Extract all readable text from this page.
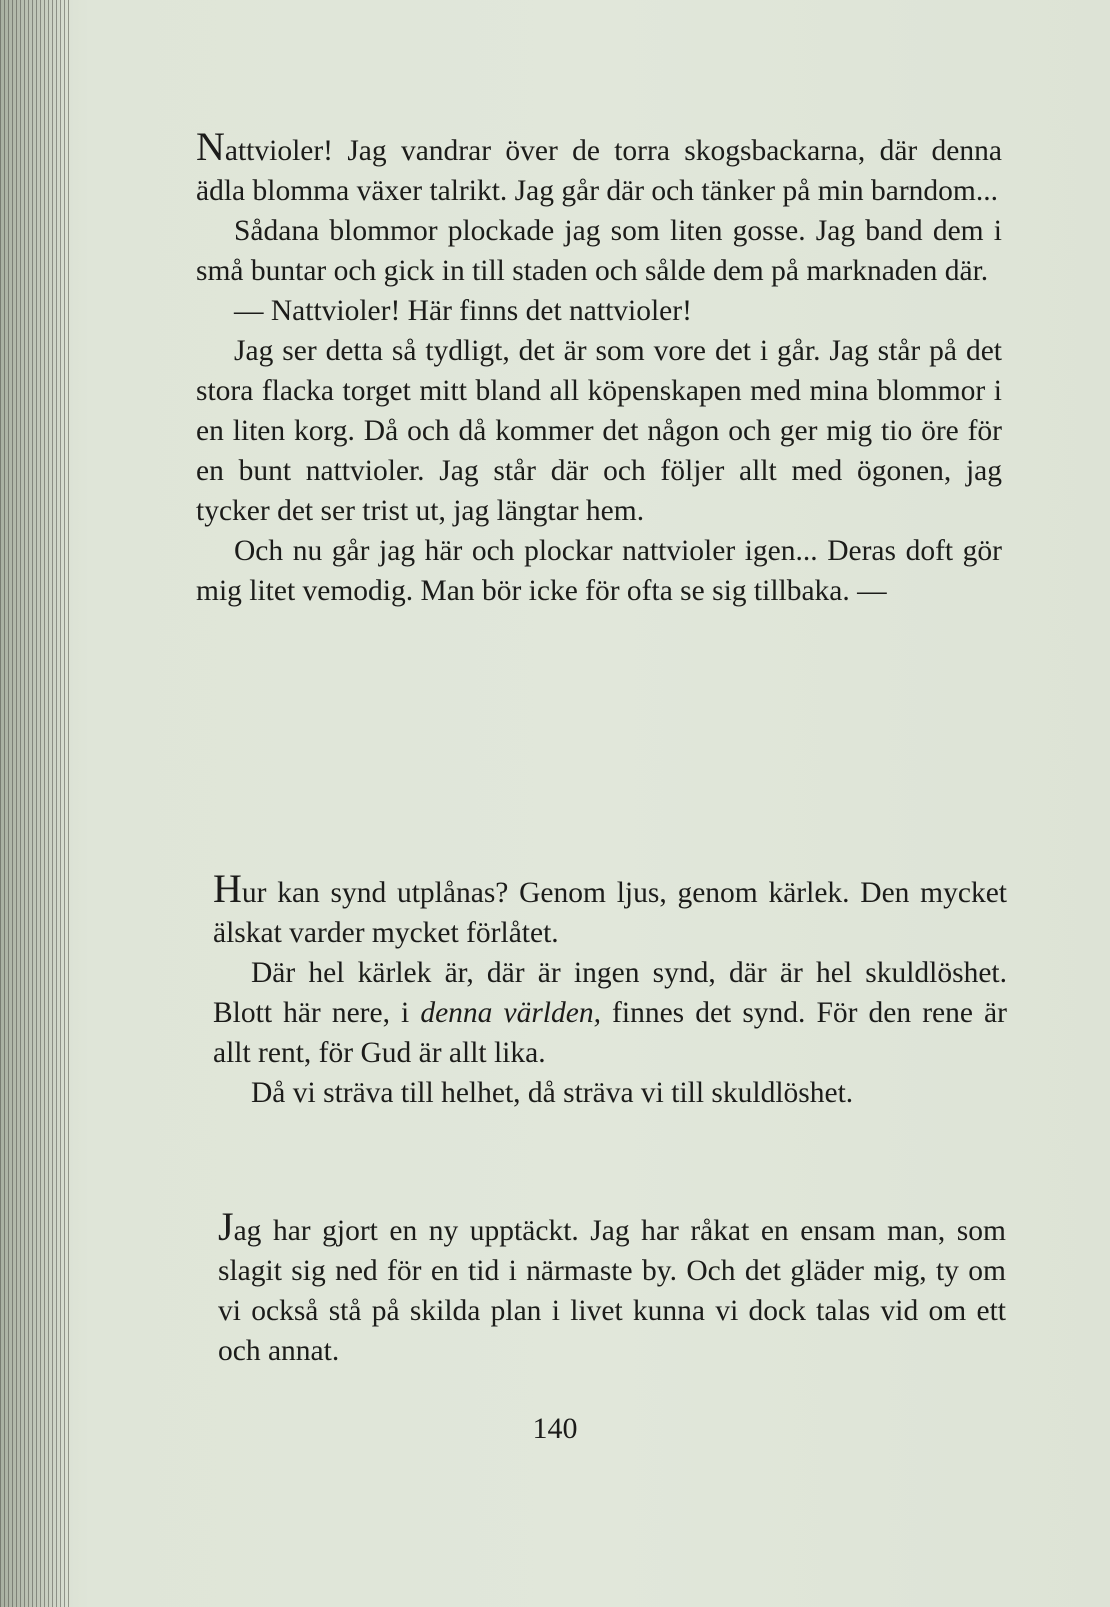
Nattvioler! Jag vandrar över de torra skogsbackarna, där denna ädla blomma växer talrikt. Jag går där och tänker på min barndom...

Sådana blommor plockade jag som liten gosse. Jag band dem i små buntar och gick in till staden och sålde dem på marknaden där.

— Nattvioler! Här finns det nattvioler!

Jag ser detta så tydligt, det är som vore det i går. Jag står på det stora flacka torget mitt bland all köpenskapen med mina blommor i en liten korg. Då och då kommer det någon och ger mig tio öre för en bunt nattvioler. Jag står där och följer allt med ögonen, jag tycker det ser trist ut, jag längtar hem.

Och nu går jag här och plockar nattvioler igen... Deras doft gör mig litet vemodig. Man bör icke för ofta se sig tillbaka. —

Hur kan synd utplånas? Genom ljus, genom kärlek. Den mycket älskat varder mycket förlåtet.

Där hel kärlek är, där är ingen synd, där är hel skuldlöshet. Blott här nere, i denna världen, finnes det synd. För den rene är allt rent, för Gud är allt lika.

Då vi sträva till helhet, då sträva vi till skuldlöshet.

Jag har gjort en ny upptäckt. Jag har råkat en ensam man, som slagit sig ned för en tid i närmaste by. Och det gläder mig, ty om vi också stå på skilda plan i livet kunna vi dock talas vid om ett och annat.

140
